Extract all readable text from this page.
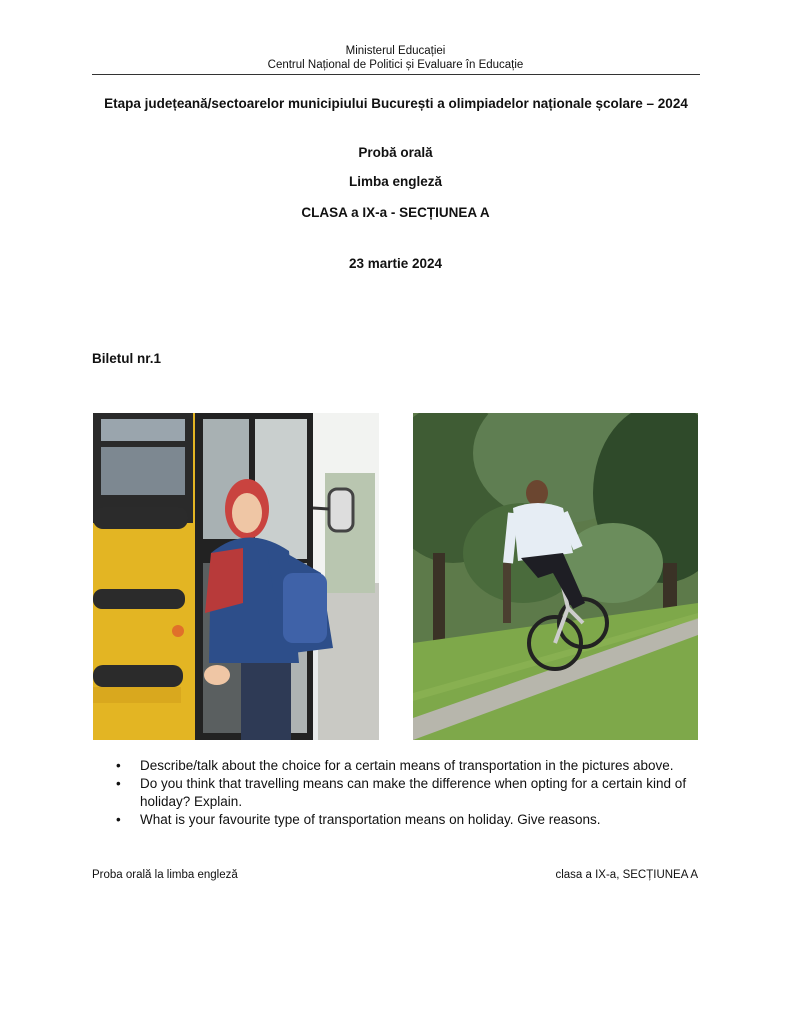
Ministerul Educației
Centrul Național de Politici și Evaluare în Educație
Etapa județeană/sectoarelor municipiului București a olimpiadelor naționale școlare – 2024
Probă orală
Limba engleză
CLASA a IX-a - SECȚIUNEA A
23 martie 2024
Biletul nr.1
• Describe/talk about the choice for a certain means of transportation in the pictures above.
• Do you think that travelling means can make the difference when opting for a certain kind of holiday? Explain.
• What is your favourite type of transportation means on holiday. Give reasons.
Proba orală la limba engleză	clasa a IX-a, SECȚIUNEA A
